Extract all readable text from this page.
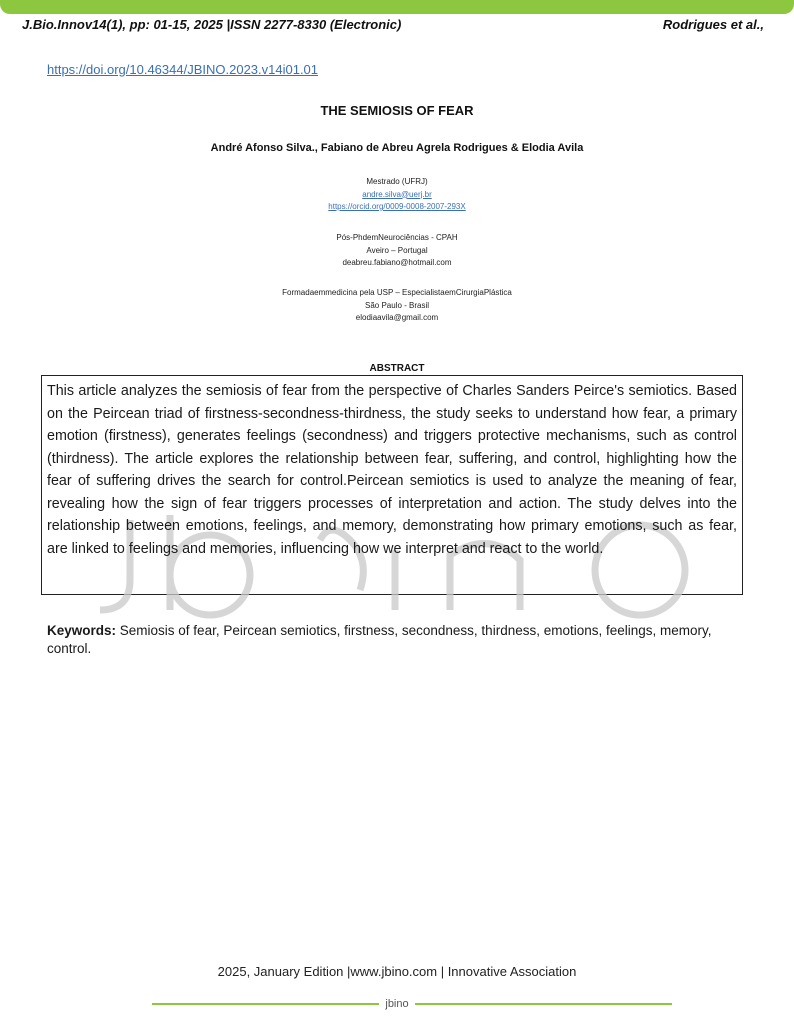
J.Bio.Innov14(1), pp: 01-15, 2025 |ISSN 2277-8330 (Electronic)	Rodrigues et al.,
https://doi.org/10.46344/JBINO.2023.v14i01.01
THE SEMIOSIS OF FEAR
André Afonso Silva., Fabiano de Abreu Agrela Rodrigues & Elodia Avila
Mestrado (UFRJ)
andre.silva@uerj.br
https://orcid.org/0009-0008-2007-293X
Pós-PhdemNeurociências - CPAH
Aveiro – Portugal
deabreu.fabiano@hotmail.com
Formadaemmedicina pela USP – EspecialistaemCirurgiaPlástica
São Paulo - Brasil
elodiaavila@gmail.com
ABSTRACT

This article analyzes the semiosis of fear from the perspective of Charles Sanders Peirce's semiotics. Based on the Peircean triad of firstness-secondness-thirdness, the study seeks to understand how fear, a primary emotion (firstness), generates feelings (secondness) and triggers protective mechanisms, such as control (thirdness). The article explores the relationship between fear, suffering, and control, highlighting how the fear of suffering drives the search for control.Peircean semiotics is used to analyze the meaning of fear, revealing how the sign of fear triggers processes of interpretation and action. The study delves into the relationship between emotions, feelings, and memory, demonstrating how primary emotions, such as fear, are linked to feelings and memories, influencing how we interpret and react to the world.

Keywords: Semiosis of fear, Peircean semiotics, firstness, secondness, thirdness, emotions, feelings, memory, control.
2025, January Edition |www.jbino.com | Innovative Association
jbino
